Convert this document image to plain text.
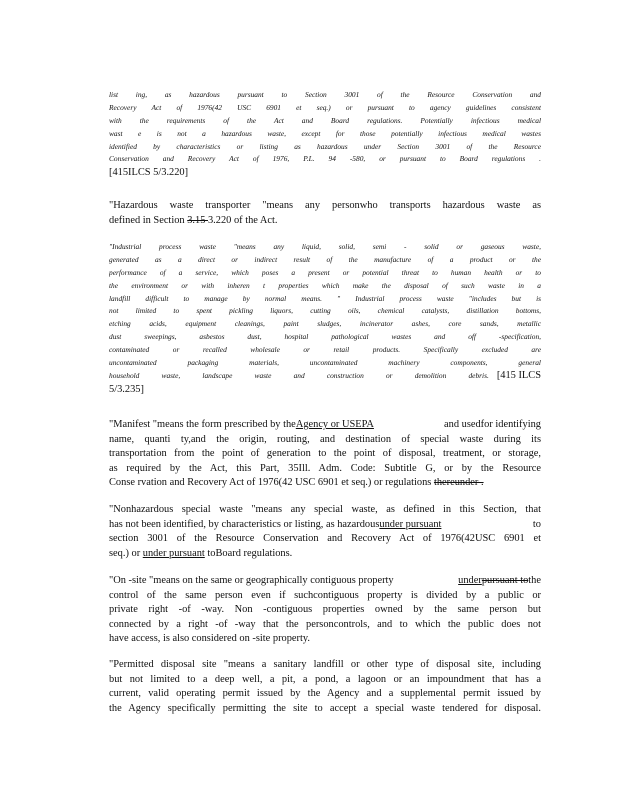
list ing, as hazardous pursuant to Section 3001 of the Resource Conservation and
Recovery Act of 1976(42 USC 6901 et seq.) or pursuant to agency guidelines consistent
with the requirements of the Act and Board regulations. Potentially infectious medical
wast e is not a hazardous waste, except for those potentially infectious medical wastes
identified by characteristics or listing as hazardous under Section 3001 of the Resource
Conservation and Recovery Act of 1976, P.L. 94 -580, or pursuant to Board regulations .
[415ILCS 5/3.220]
"Hazardous waste transporter "means any personwho transports hazardous waste as
defined in Section 3.15 3.220 of the Act.
"Industrial process waste "means any liquid, solid, semi - solid or gaseous waste,
generated as a direct or indirect result of the manufacture of a product or the
performance of a service, which poses a present or potential threat to human health or to
the environment or with inheren t properties which make the disposal of such waste in a
landfill difficult to manage by normal means. " Industrial process waste "includes but is
not limited to spent pickling liquors, cutting oils, chemical catalysts, distillation bottoms,
etching acids, equipment cleanings, paint sludges, incinerator ashes, core sands, metallic
dust sweepings, asbestos dust, hospital pathological wastes and off -specification,
contaminated or recalled wholesale or retail products. Specifically excluded are
uncontaminated packaging materials, uncontaminated machinery components, general
household waste, landscape waste and construction or demolition debris. [415 ILCS
5/3.235]
"Manifest "means the form prescribed by the Agency or USEPA	and usedfor identifying
name, quanti ty,and the origin, routing, and destination of special waste during its
transportation from the point of generation to the point of disposal, treatment, or storage,
as required by the Act, this Part, 35Ill. Adm. Code: Subtitle G, or by the Resource
Conse rvation and Recovery Act of 1976(42 USC 6901 et seq.) or regulations thereunder .
"Nonhazardous special waste "means any special waste, as defined in this Section, that
has not been identified, by characteristics or listing, as hazardous under pursuant	to
section 3001 of the Resource Conservation and Recovery Act of 1976(42USC 6901 et
seq.) or under pursuant toBoard regulations.
"On -site "means on the same or geographically contiguous property	under pursuant to the
control of the same person even if suchcontiguous property is divided by a public or
private right -of -way. Non -contiguous properties owned by the same person but
connected by a right -of -way that the personcontrols, and to which the public does not
have access, is also considered on -site property.
"Permitted disposal site "means a sanitary landfill or other type of disposal site, including
but not limited to a deep well, a pit, a pond, a lagoon or an impoundment that has a
current, valid operating permit issued by the Agency and a supplemental permit issued by
the Agency specifically permitting the site to accept a special waste tendered for disposal.
